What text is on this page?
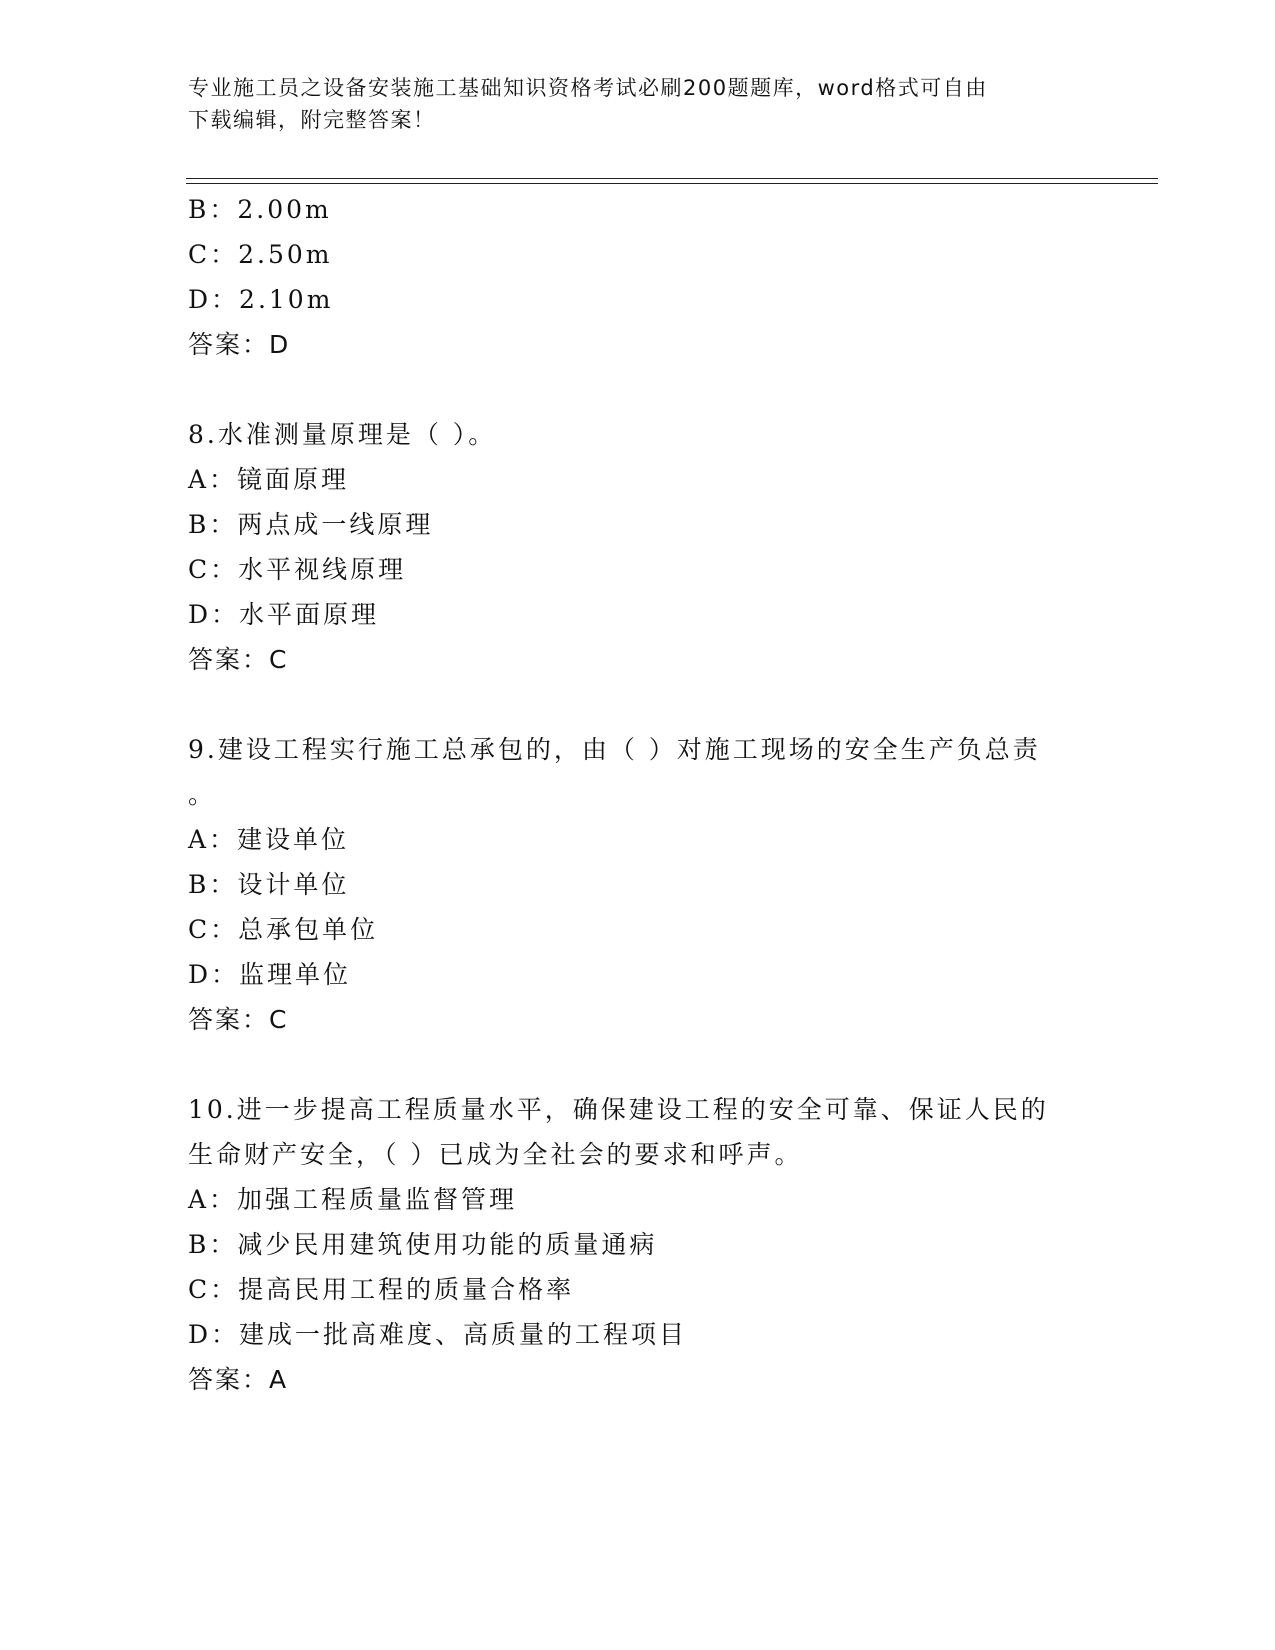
专业施工员之设备安装施工基础知识资格考试必刷200题题库，word格式可自由
下载编辑，附完整答案！
B：2.00m
C：2.50m
D：2.10m
答案：D
8.水准测量原理是（ ）。
A：镜面原理
B：两点成一线原理
C：水平视线原理
D：水平面原理
答案：C
9.建设工程实行施工总承包的，由（ ）对施工现场的安全生产负总责
。
A：建设单位
B：设计单位
C：总承包单位
D：监理单位
答案：C
10.进一步提高工程质量水平，确保建设工程的安全可靠、保证人民的
生命财产安全，（ ）已成为全社会的要求和呼声。
A：加强工程质量监督管理
B：减少民用建筑使用功能的质量通病
C：提高民用工程的质量合格率
D：建成一批高难度、高质量的工程项目
答案：A
